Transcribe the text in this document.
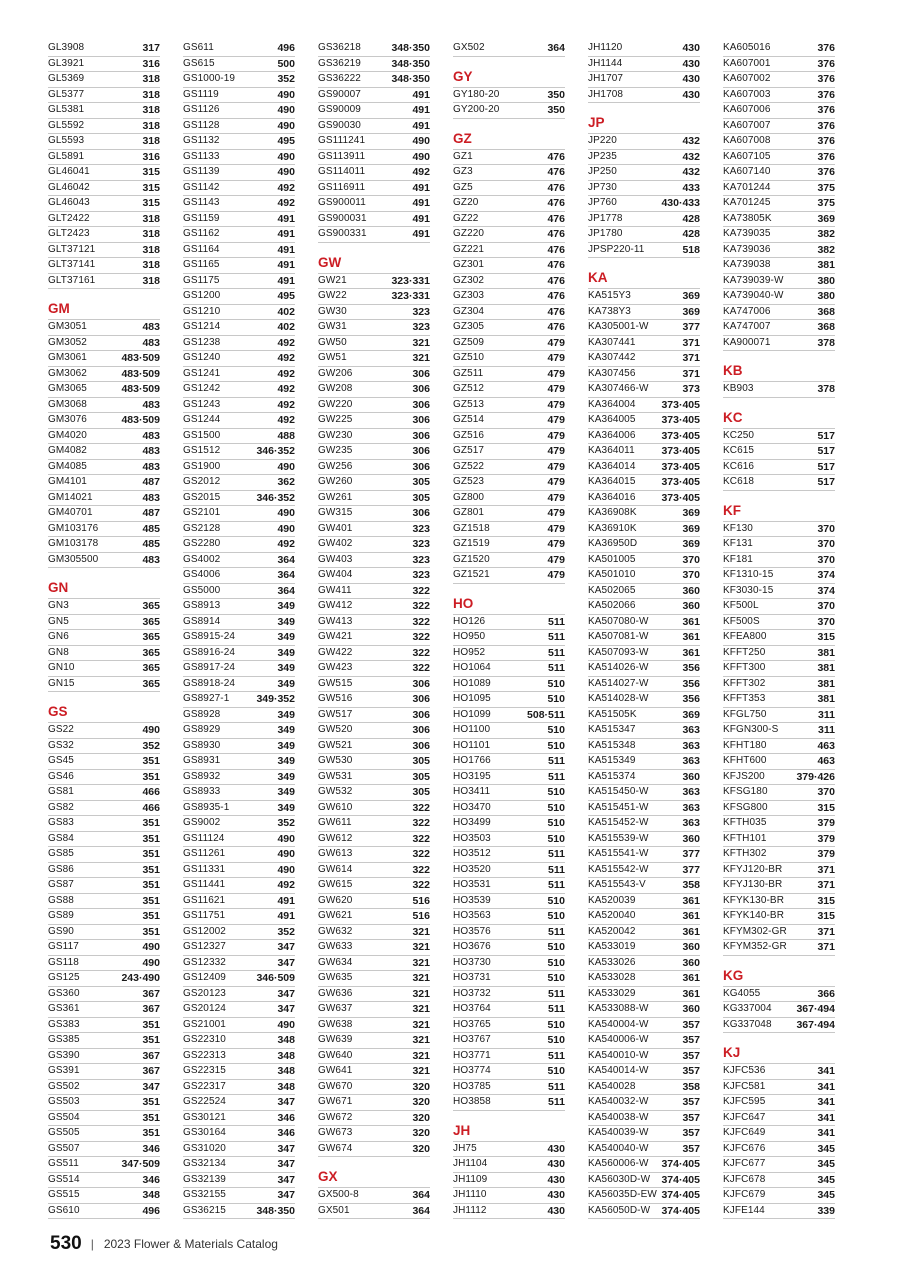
GL3908	317
GL3921	316
GL5369	318
GL5377	318
GL5381	318
GL5592	318
GL5593	318
GL5891	316
GL46041	315
GL46042	315
GL46043	315
GLT2422	318
GLT2423	318
GLT37121	318
GLT37141	318
GLT37161	318
GM
GM3051	483
GM3052	483
GM3061	483·509
GM3062	483·509
GM3065	483·509
GM3068	483
GM3076	483·509
GM4020	483
GM4082	483
GM4085	483
GM4101	487
GM14021	483
GM40701	487
GM103176	485
GM103178	485
GM305500	483
GN
GN3	365
GN5	365
GN6	365
GN8	365
GN10	365
GN15	365
GS
GS22	490
GS32	352
GS45	351
GS46	351
GS81	466
GS82	466
GS83	351
GS84	351
GS85	351
GS86	351
GS87	351
GS88	351
GS89	351
GS90	351
GS117	490
GS118	490
GS125	243·490
GS360	367
GS361	367
GS383	351
GS385	351
GS390	367
GS391	367
GS502	347
GS503	351
GS504	351
GS505	351
GS507	346
GS511	347·509
GS514	346
GS515	348
GS610	496
GS611	496
GS615	500
GS1000-19	352
GS1119	490
GS1126	490
GS1128	490
GS1132	495
GS1133	490
GS1139	490
GS1142	492
GS1143	492
GS1159	491
GS1162	491
GS1164	491
GS1165	491
GS1175	491
GS1200	495
GS1210	402
GS1214	402
GS1238	492
GS1240	492
GS1241	492
GS1242	492
GS1243	492
GS1244	492
GS1500	488
GS1512	346·352
GS1900	490
GS2012	362
GS2015	346·352
GS2101	490
GS2128	490
GS2280	492
GS4002	364
GS4006	364
GS5000	364
GS8913	349
GS8914	349
GS8915-24	349
GS8916-24	349
GS8917-24	349
GS8918-24	349
GS8927-1	349·352
GS8928	349
GS8929	349
GS8930	349
GS8931	349
GS8932	349
GS8933	349
GS8935-1	349
GS9002	352
GS11124	490
GS11261	490
GS11331	490
GS11441	492
GS11621	491
GS11751	491
GS12002	352
GS12327	347
GS12332	347
GS12409	346·509
GS20123	347
GS20124	347
GS21001	490
GS22310	348
GS22313	348
GS22315	348
GS22317	348
GS22524	347
GS30121	346
GS30164	346
GS31020	347
GS32134	347
GS32139	347
GS32155	347
GS36215	348·350
GS36218	348·350
GS36219	348·350
GS36222	348·350
GS90007	491
GS90009	491
GS90030	491
GS111241	490
GS113911	490
GS114011	492
GS116911	491
GS900011	491
GS900031	491
GS900331	491
GW
GW21	323·331
GW22	323·331
GW30	323
GW31	323
GW50	321
GW51	321
GW206	306
GW208	306
GW220	306
GW225	306
GW230	306
GW235	306
GW256	306
GW260	305
GW261	305
GW315	306
GW401	323
GW402	323
GW403	323
GW404	323
GW411	322
GW412	322
GW413	322
GW421	322
GW422	322
GW423	322
GW515	306
GW516	306
GW517	306
GW520	306
GW521	306
GW530	305
GW531	305
GW532	305
GW610	322
GW611	322
GW612	322
GW613	322
GW614	322
GW615	322
GW620	516
GW621	516
GW632	321
GW633	321
GW634	321
GW635	321
GW636	321
GW637	321
GW638	321
GW639	321
GW640	321
GW641	321
GW670	320
GW671	320
GW672	320
GW673	320
GW674	320
GX
GX500-8	364
GX501	364
GX502	364
GY
GY180-20	350
GY200-20	350
GZ
GZ1	476
GZ3	476
GZ5	476
GZ20	476
GZ22	476
GZ220	476
GZ221	476
GZ301	476
GZ302	476
GZ303	476
GZ304	476
GZ305	476
GZ509	479
GZ510	479
GZ511	479
GZ512	479
GZ513	479
GZ514	479
GZ516	479
GZ517	479
GZ522	479
GZ523	479
GZ800	479
GZ801	479
GZ1518	479
GZ1519	479
GZ1520	479
GZ1521	479
HO
HO126	511
HO950	511
HO952	511
HO1064	511
HO1089	510
HO1095	510
HO1099	508·511
HO1100	510
HO1101	510
HO1766	511
HO3195	511
HO3411	510
HO3470	510
HO3499	510
HO3503	510
HO3512	511
HO3520	511
HO3531	511
HO3539	510
HO3563	510
HO3576	511
HO3676	510
HO3730	510
HO3731	510
HO3732	511
HO3764	511
HO3765	510
HO3767	510
HO3771	511
HO3774	510
HO3785	511
HO3858	511
JH
JH75	430
JH1104	430
JH1109	430
JH1110	430
JH1112	430
JH1120	430
JH1144	430
JH1707	430
JH1708	430
JP
JP220	432
JP235	432
JP250	432
JP730	433
JP760	430·433
JP1778	428
JP1780	428
JPSP220-11	518
KA
KA515Y3	369
KA738Y3	369
KA305001-W	377
KA307441	371
KA307442	371
KA307456	371
KA307466-W	373
KA364004 373·405
KA364005 373·405
KA364006 373·405
KA364011	373·405
KA364014 373·405
KA364015 373·405
KA364016 373·405
KA36908K	369
KA36910K	369
KA36950D	369
KA501005	370
KA501010	370
KA502065	360
KA502066	360
KA507080-W	361
KA507081-W	361
KA507093-W	361
KA514026-W	356
KA514027-W	356
KA514028-W	356
KA51505K	369
KA515347	363
KA515348	363
KA515349	363
KA515374	360
KA515450-W	363
KA515451-W	363
KA515452-W	363
KA515539-W	360
KA515541-W	377
KA515542-W	377
KA515543-V	358
KA520039	361
KA520040	361
KA520042	361
KA533019	360
KA533026	360
KA533028	361
KA533029	361
KA533088-W	360
KA540004-W	357
KA540006-W	357
KA540010-W	357
KA540014-W	357
KA540028	358
KA540032-W	357
KA540038-W	357
KA540039-W	357
KA540040-W	357
KA560006-W 374·405
KA56030D-W 374·405
KA56035D-EW 374·405
KA56050D-W 374·405
KA605016	376
KA607001	376
KA607002	376
KA607003	376
KA607006	376
KA607007	376
KA607008	376
KA607105	376
KA607140	376
KA701244	375
KA701245	375
KA73805K	369
KA739035	382
KA739036	382
KA739038	381
KA739039-W	380
KA739040-W	380
KA747006	368
KA747007	368
KA900071	378
KB
KB903	378
KC
KC250	517
KC615	517
KC616	517
KC618	517
KF
KF130	370
KF131	370
KF181	370
KF1310-15	374
KF3030-15	374
KF500L	370
KF500S	370
KFEA800	315
KFFT250	381
KFFT300	381
KFFT302	381
KFFT353	381
KFGL750	311
KFGN300-S	311
KFHT180	463
KFHT600	463
KFJS200	379·426
KFSG180	370
KFSG800	315
KFTH035	379
KFTH101	379
KFTH302	379
KFYJ120-BR	371
KFYJ130-BR	371
KFYK130-BR	315
KFYK140-BR	315
KFYM302-GR	371
KFYM352-GR	371
KG
KG4055	366
KG337004 367·494
KG337048 367·494
KJ
KJFC536	341
KJFC581	341
KJFC595	341
KJFC647	341
KJFC649	341
KJFC676	345
KJFC677	345
KJFC678	345
KJFC679	345
KJFE144	339
530 | 2023 Flower & Materials Catalog
